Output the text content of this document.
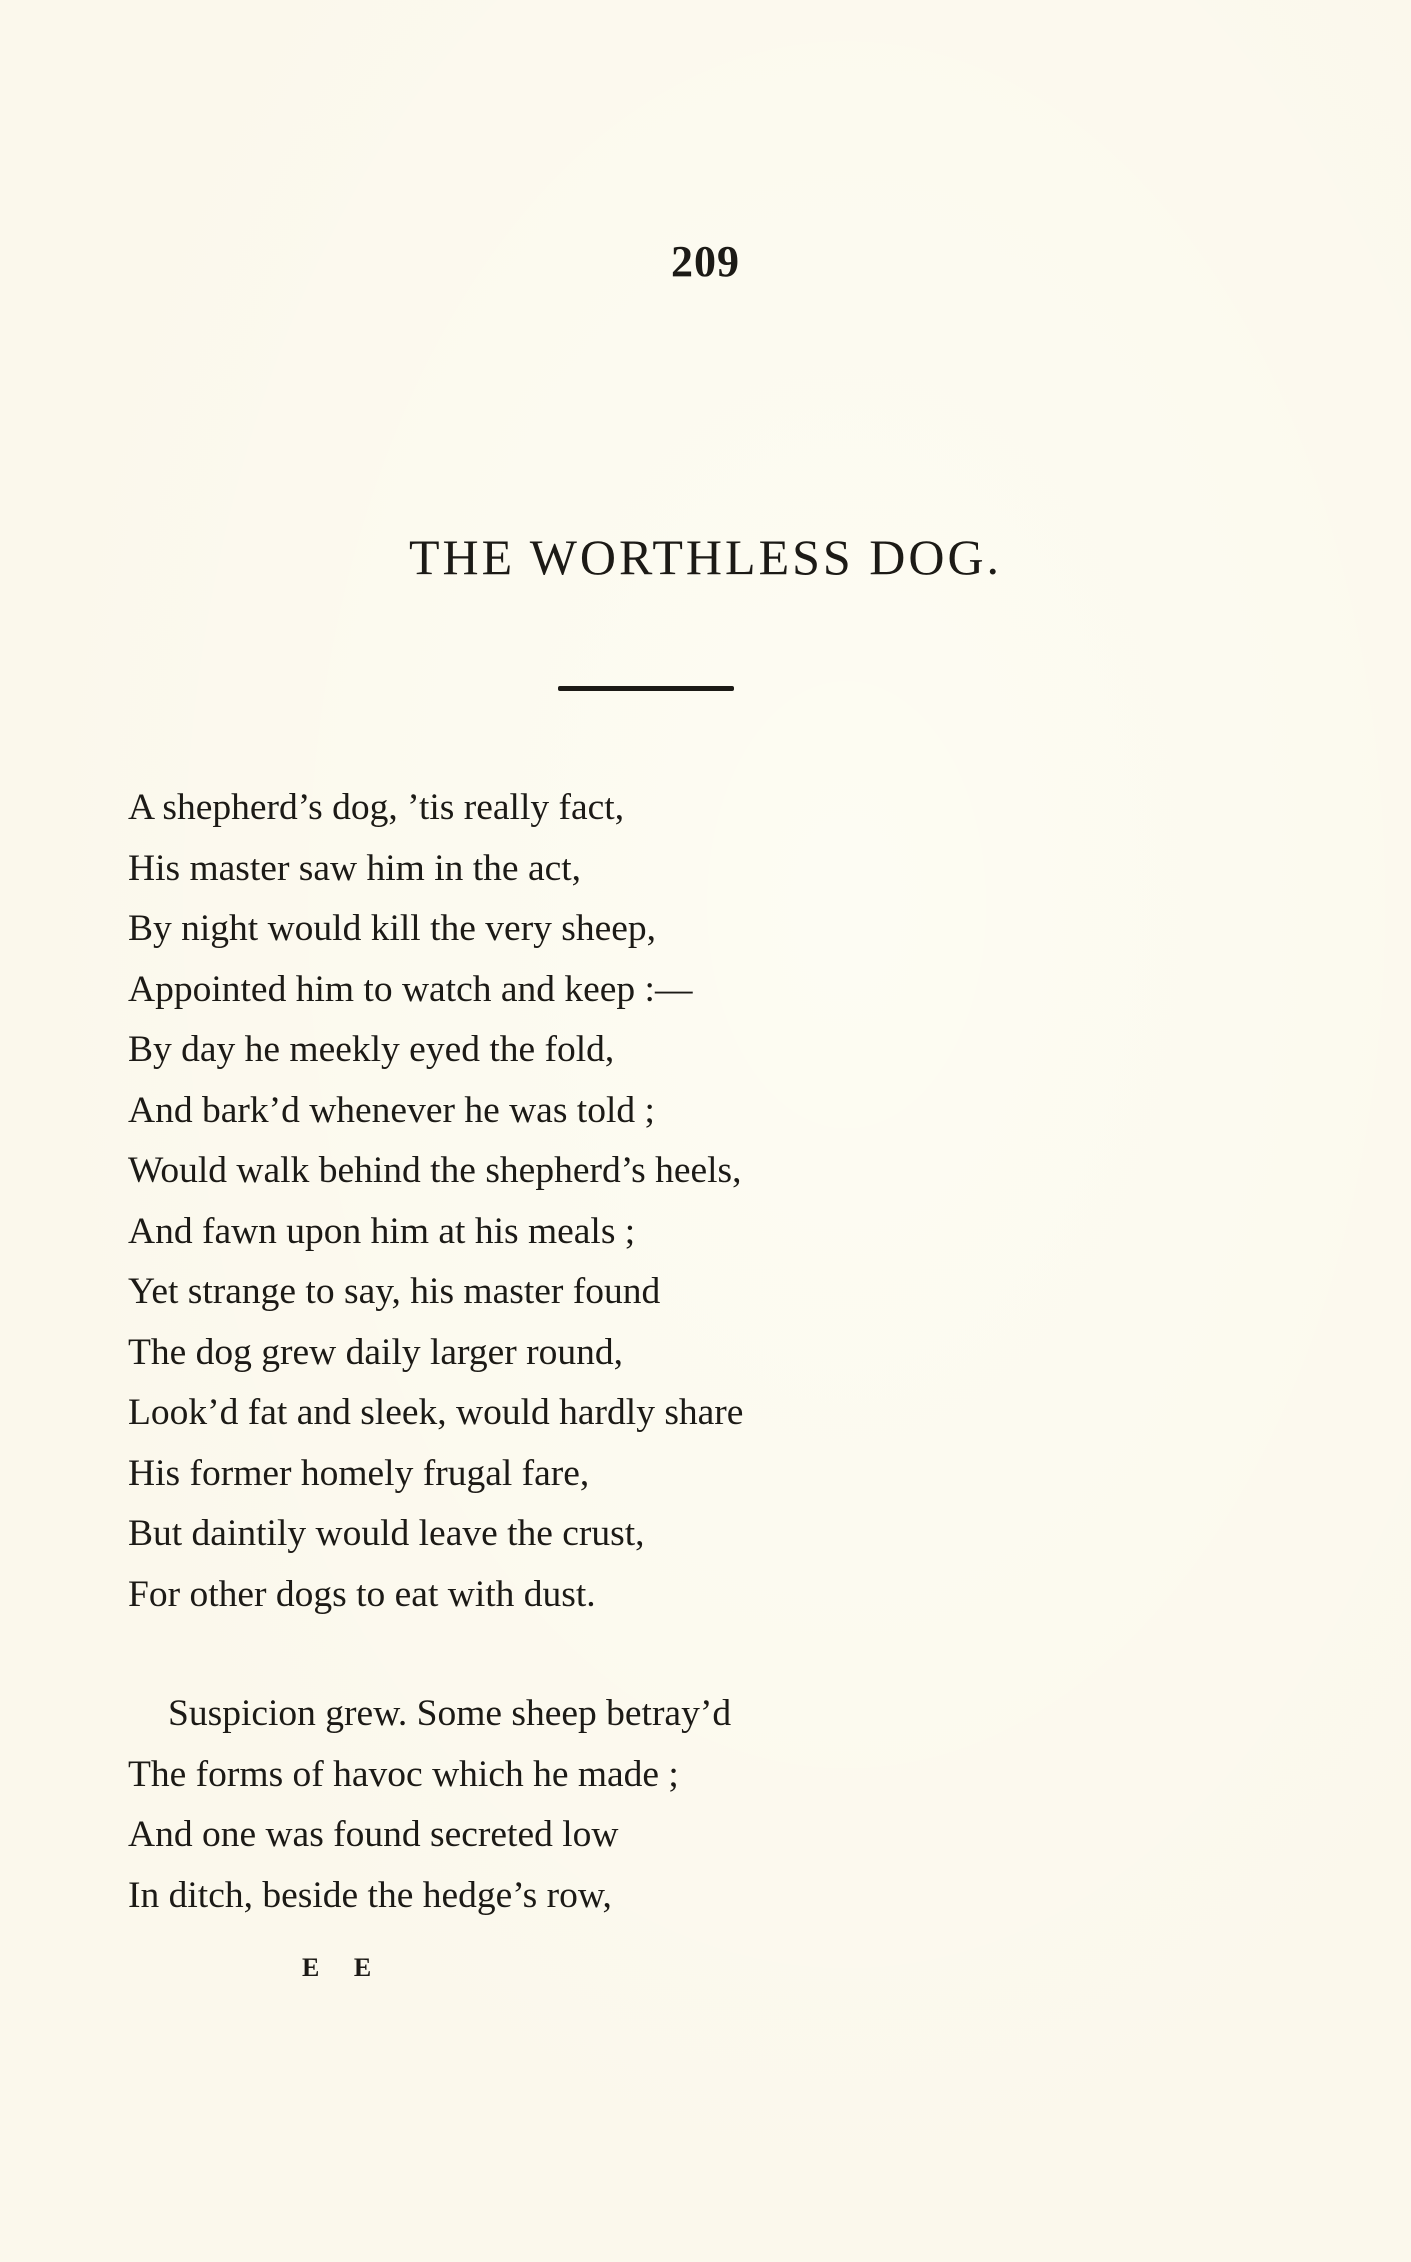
209
THE WORTHLESS DOG.
A shepherd’s dog, ’tis really fact,
His master saw him in the act,
By night would kill the very sheep,
Appointed him to watch and keep :—
By day he meekly eyed the fold,
And bark’d whenever he was told ;
Would walk behind the shepherd’s heels,
And fawn upon him at his meals ;
Yet strange to say, his master found
The dog grew daily larger round,
Look’d fat and sleek, would hardly share
His former homely frugal fare,
But daintily would leave the crust,
For other dogs to eat with dust.
Suspicion grew. Some sheep betray’d
The forms of havoc which he made ;
And one was found secreted low
In ditch, beside the hedge’s row,
E E
